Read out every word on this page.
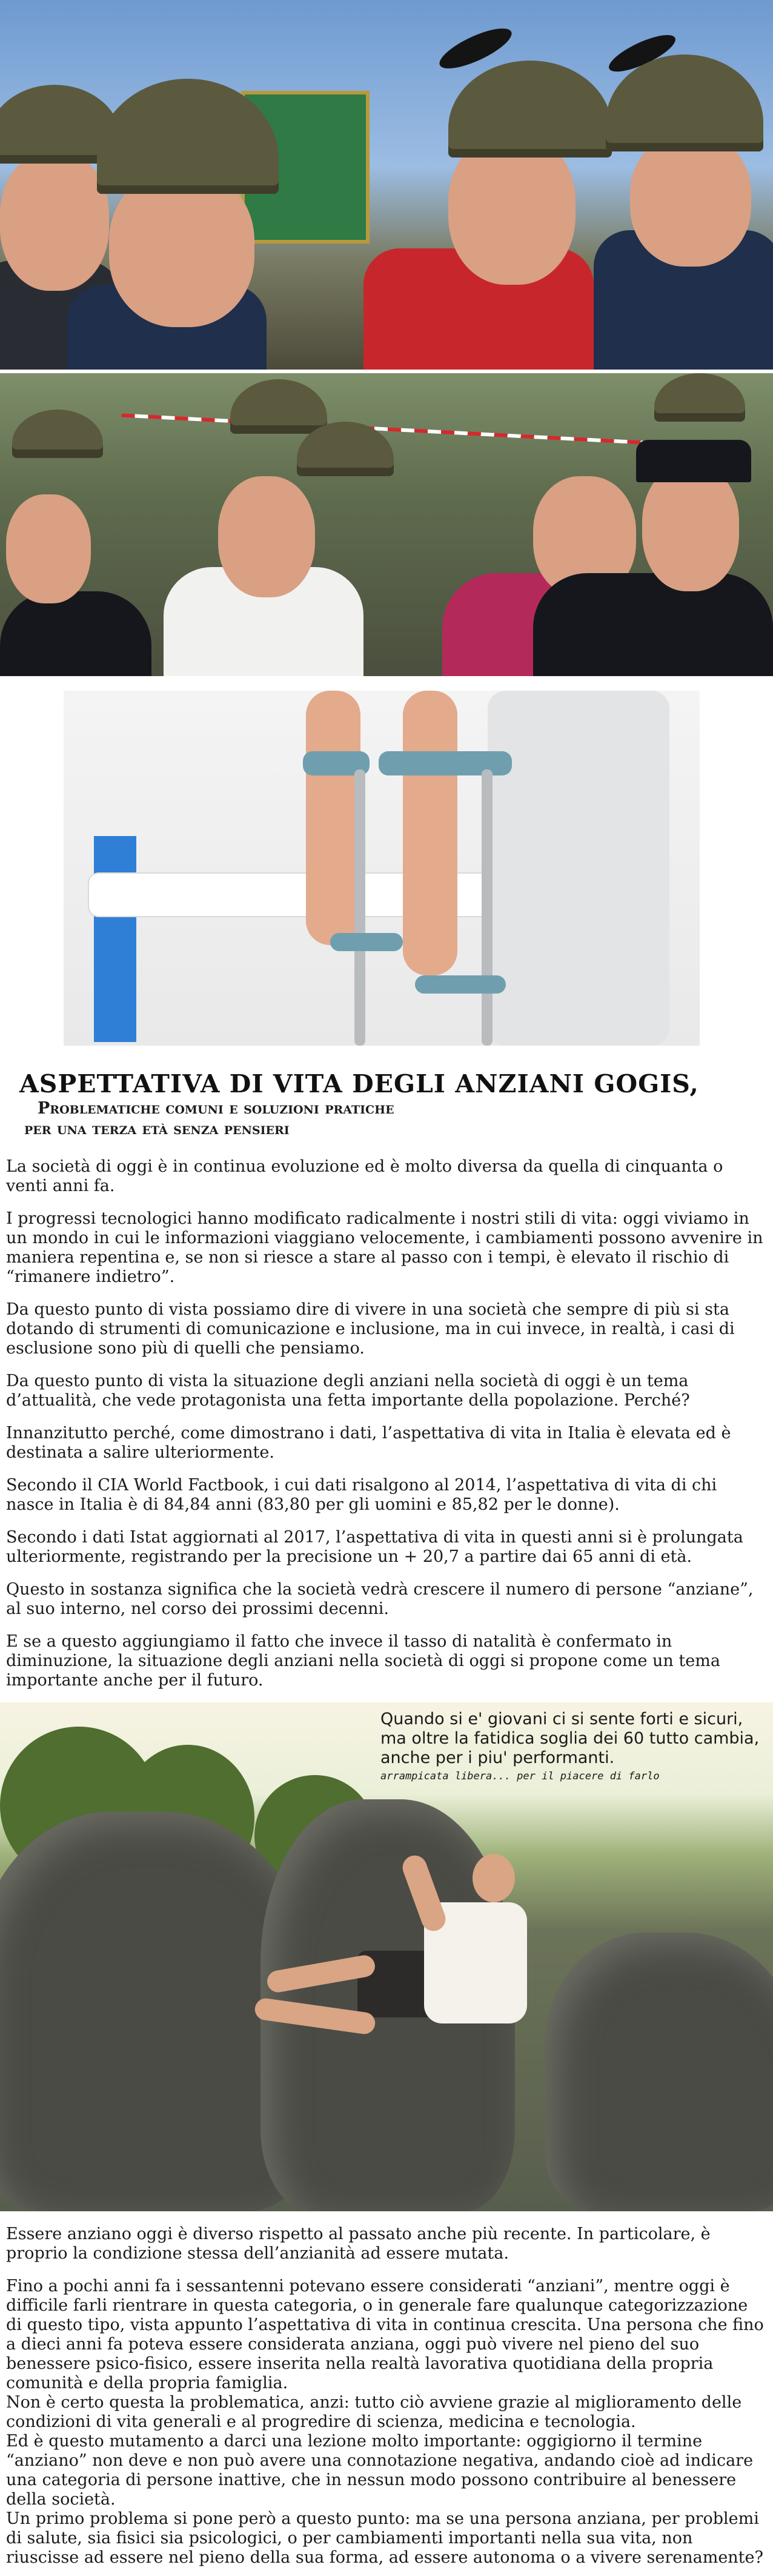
ASPETTATIVA DI VITA DEGLI ANZIANI GOGIS,

Problematiche comuni e soluzioni pratiche

per una terza età senza pensieri

La società di oggi è in continua evoluzione ed è molto diversa da quella di cinquanta o venti anni fa.

I progressi tecnologici hanno modificato radicalmente i nostri stili di vita: oggi viviamo in un mondo in cui le informazioni viaggiano velocemente, i cambiamenti possono avvenire in maniera repentina e, se non si riesce a stare al passo con i tempi, è elevato il rischio di “rimanere indietro”.

Da questo punto di vista possiamo dire di vivere in una società che sempre di più si sta dotando di strumenti di comunicazione e inclusione, ma in cui invece, in realtà, i casi di esclusione sono più di quelli che pensiamo.

Da questo punto di vista la situazione degli anziani nella società di oggi è un tema d’attualità, che vede protagonista una fetta importante della popolazione. Perché?

Innanzitutto perché, come dimostrano i dati, l’aspettativa di vita in Italia è elevata ed è destinata a salire ulteriormente.

Secondo il CIA World Factbook, i cui dati risalgono al 2014, l’aspettativa di vita di chi nasce in Italia è di 84,84 anni (83,80 per gli uomini e 85,82 per le donne).

Secondo i dati Istat aggiornati al 2017, l’aspettativa di vita in questi anni si è prolungata ulteriormente, registrando per la precisione un + 20,7 a partire dai 65 anni di età.

Questo in sostanza significa che la società vedrà crescere il numero di persone “anziane”, al suo interno, nel corso dei prossimi decenni.

E se a questo aggiungiamo il fatto che invece il tasso di natalità è confermato in diminuzione, la situazione degli anziani nella società di oggi si propone come un tema importante anche per il futuro.

Quando si e' giovani ci si sente forti e sicuri, ma oltre la fatidica soglia dei 60 tutto cambia, anche per i piu' performanti.
arrampicata libera... per il piacere di farlo

Essere anziano oggi è diverso rispetto al passato anche più recente. In particolare, è proprio la condizione stessa dell’anzianità ad essere mutata.

Fino a pochi anni fa i sessantenni potevano essere considerati “anziani”, mentre oggi è difficile farli rientrare in questa categoria, o in generale fare qualunque categorizzazione di questo tipo, vista appunto l’aspettativa di vita in continua crescita. Una persona che fino a dieci anni fa poteva essere considerata anziana, oggi può vivere nel pieno del suo benessere psico-fisico, essere inserita nella realtà lavorativa quotidiana della propria comunità e della propria famiglia.

Non è certo questa la problematica, anzi: tutto ciò avviene grazie al miglioramento delle condizioni di vita generali e al progredire di scienza, medicina e tecnologia.

Ed è questo mutamento a darci una lezione molto importante: oggigiorno il termine “anziano” non deve e non può avere una connotazione negativa, andando cioè ad indicare una categoria di persone inattive, che in nessun modo possono contribuire al benessere della società.

Un primo problema si pone però a questo punto: ma se una persona anziana, per problemi di salute, sia fisici sia psicologici, o per cambiamenti importanti nella sua vita, non riuscisse ad essere nel pieno della sua forma, ad essere autonoma o a vivere serenamente?
